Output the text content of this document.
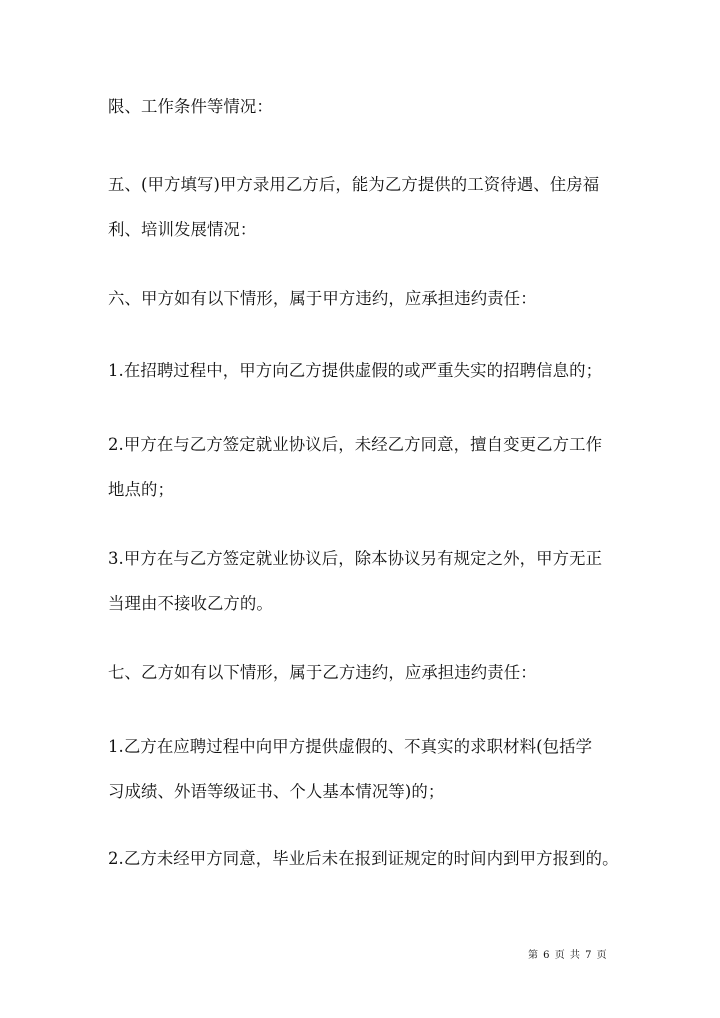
限、工作条件等情况：
五、(甲方填写)甲方录用乙方后，能为乙方提供的工资待遇、住房福
利、培训发展情况：
六、甲方如有以下情形，属于甲方违约，应承担违约责任：
1.在招聘过程中，甲方向乙方提供虚假的或严重失实的招聘信息的；
2.甲方在与乙方签定就业协议后，未经乙方同意，擅自变更乙方工作
地点的；
3.甲方在与乙方签定就业协议后，除本协议另有规定之外，甲方无正
当理由不接收乙方的。
七、乙方如有以下情形，属于乙方违约，应承担违约责任：
1.乙方在应聘过程中向甲方提供虚假的、不真实的求职材料(包括学
习成绩、外语等级证书、个人基本情况等)的；
2.乙方未经甲方同意，毕业后未在报到证规定的时间内到甲方报到的。
第 6 页 共 7 页
